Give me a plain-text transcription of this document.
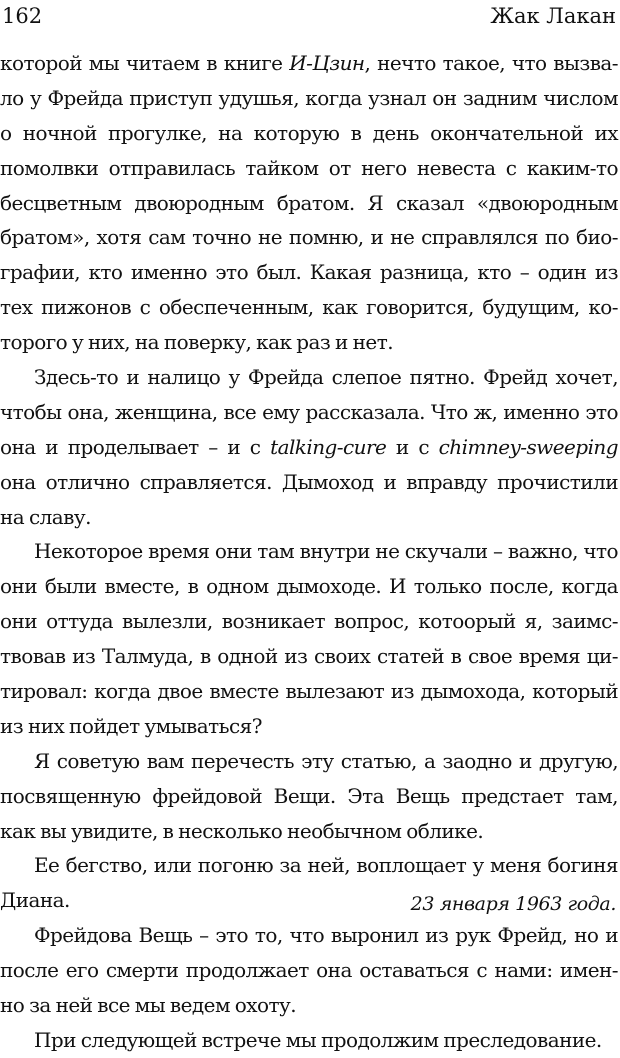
162	Жак Лакан
которой мы читаем в книге И-Цзин, нечто такое, что вызва-
ло у Фрейда приступ удушья, когда узнал он задним числом
о ночной прогулке, на которую в день окончательной их
помолвки отправилась тайком от него невеста с каким-то
бесцветным двоюродным братом. Я сказал «двоюродным
братом», хотя сам точно не помню, и не справлялся по био-
графии, кто именно это был. Какая разница, кто – один из
тех пижонов с обеспеченным, как говорится, будущим, ко-
торого у них, на поверку, как раз и нет.
Здесь-то и налицо у Фрейда слепое пятно. Фрейд хочет,
чтобы она, женщина, все ему рассказала. Что ж, именно это
она и проделывает – и с talking-cure и с chimney-sweeping
она отлично справляется. Дымоход и вправду прочистили
на славу.
Некоторое время они там внутри не скучали – важно, что
они были вместе, в одном дымоходе. И только после, когда
они оттуда вылезли, возникает вопрос, котоорый я, заимс-
твовав из Талмуда, в одной из своих статей в свое время ци-
тировал: когда двое вместе вылезают из дымохода, который
из них пойдет умываться?
Я советую вам перечесть эту статью, а заодно и другую,
посвященную фрейдовой Вещи. Эта Вещь предстает там,
как вы увидите, в несколько необычном облике.
Ее бегство, или погоню за ней, воплощает у меня богиня
Диана.
Фрейдова Вещь – это то, что выронил из рук Фрейд, но и
после его смерти продолжает она оставаться с нами: имен-
но за ней все мы ведем охоту.
При следующей встрече мы продолжим преследование.
23 января 1963 года.
